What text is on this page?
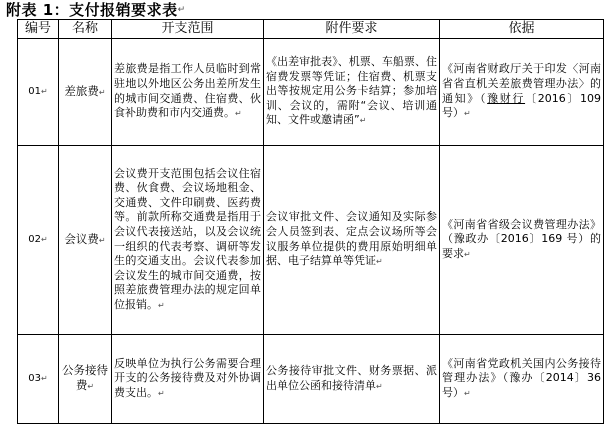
附表 1：支付报销要求表↵
编号	名称	开支范围	附件要求	依据
01↵	差旅费↵	差旅费是指工作人员临时到常驻地以外地区公务出差所发生的城市间交通费、住宿费、伙食补助费和市内交通费。↵	《出差审批表》、机票、车船票、住宿费发票等凭证；住宿费、机票支出等按规定用公务卡结算；参加培训、会议的，需附“会议、培训通知、文件或邀请函”↵	《河南省财政厅关于印发〈河南省省直机关差旅费管理办法〉的通知》（豫财行〔2016〕109 号）↵
02↵	会议费↵	会议费开支范围包括会议住宿费、伙食费、会议场地租金、交通费、文件印刷费、医药费等。前款所称交通费是指用于会议代表接送站，以及会议统一组织的代表考察、调研等发生的交通支出。会议代表参加会议发生的城市间交通费，按照差旅费管理办法的规定回单位报销。↵	会议审批文件、会议通知及实际参会人员签到表、定点会议场所等会议服务单位提供的费用原始明细单据、电子结算单等凭证↵	《河南省省级会议费管理办法》（豫政办〔2016〕169 号）的要求↵
03↵	公务接待费↵	反映单位为执行公务需要合理开支的公务接待费及对外协调费支出。↵	公务接待审批文件、财务票据、派出单位公函和接待清单↵	《河南省党政机关国内公务接待管理办法》（豫办〔2014〕36 号）↵
